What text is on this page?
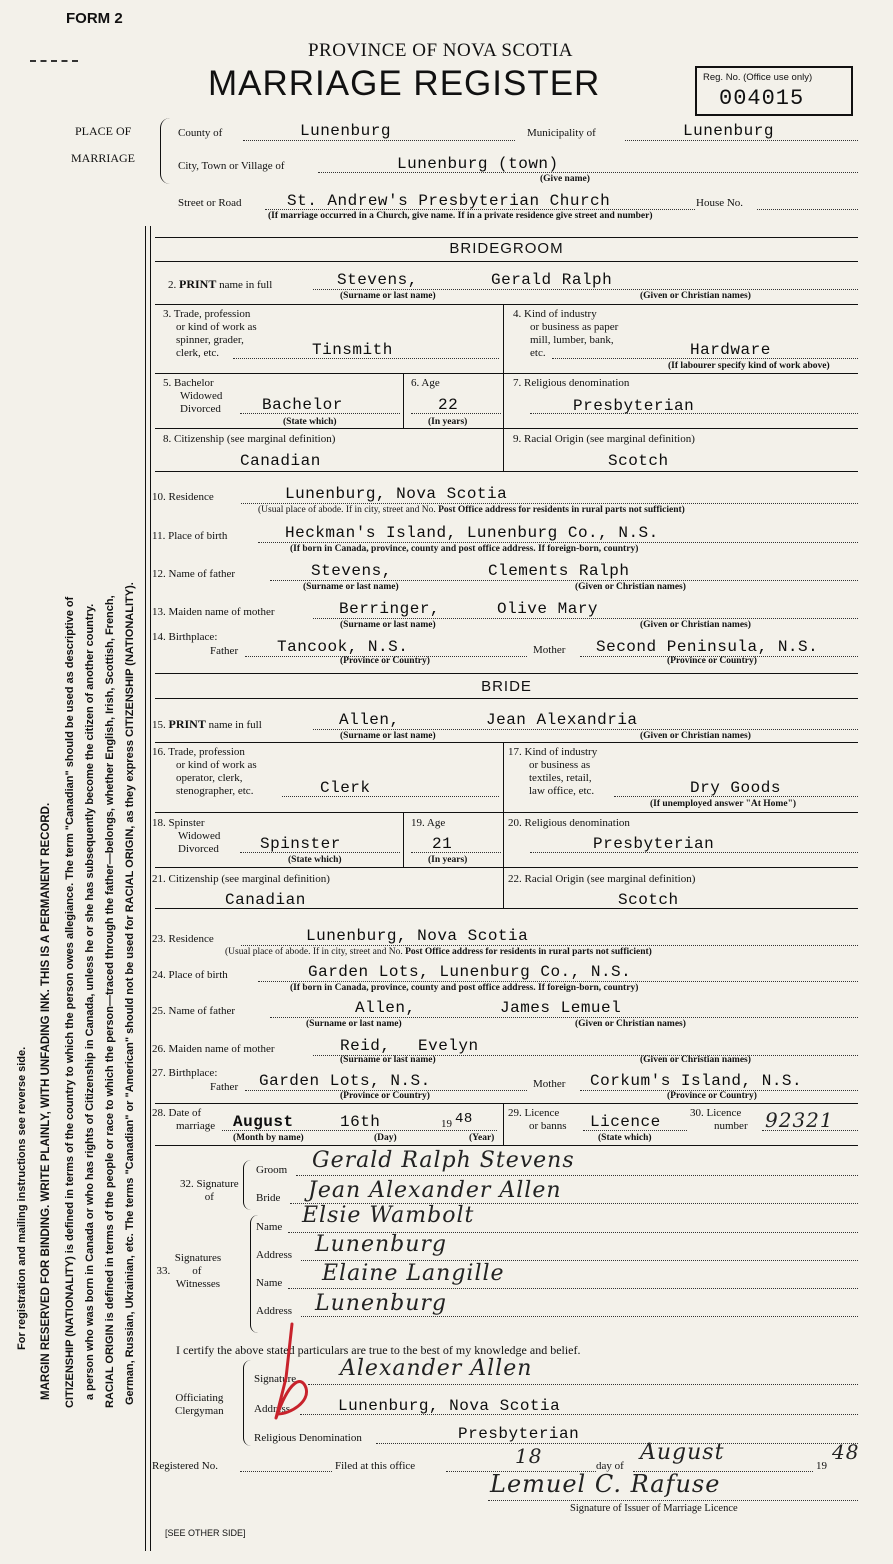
FORM 2
PROVINCE OF NOVA SCOTIA
MARRIAGE REGISTER	Reg. No. (Office use only)
004015
PLACE OF
MARRIAGE
County of	Lunenburg	Municipality of	Lunenburg
City, Town or Village of	Lunenburg (town)
(Give name)
Street or Road	St. Andrew's Presbyterian Church	House No.
(If marriage occurred in a Church, give name. If in a private residence give street and number)
For registration and mailing instructions see reverse side. MARGIN RESERVED FOR BINDING. WRITE PLAINLY, WITH UNFADING INK. THIS IS A PERMANENT RECORD. CITIZENSHIP (NATIONALITY) is defined in terms of the country to which the person owes allegiance. The term "Canadian" should be used as descriptive of a person who was born in Canada or who has rights of Citizenship in Canada, unless he or she has subsequently become the citizen of another country. RACIAL ORIGIN is defined in terms of the people or race to which the person—traced through the father—belongs, whether English, Irish, Scottish, French, German, Russian, Ukrainian, etc. The terms "Canadian" or "American" should not be used for RACIAL ORIGIN, as they express CITIZENSHIP (NATIONALITY).
BRIDEGROOM
2. PRINT name in full	Stevens,	Gerald Ralph
(Surname or last name)	(Given or Christian names)
3. Trade, profession
or kind of work as
spinner, grader,
clerk, etc.	Tinsmith
4. Kind of industry
or business as paper
mill, lumber, bank,
etc.	Hardware
(If labourer specify kind of work above)
5. Bachelor
Widowed
Divorced	Bachelor
(State which)
6. Age
22
(In years)
7. Religious denomination
Presbyterian
8. Citizenship (see marginal definition)
Canadian
9. Racial Origin (see marginal definition)
Scotch
10. Residence	Lunenburg, Nova Scotia
(Usual place of abode. If in city, street and No. Post Office address for residents in rural parts not sufficient)
11. Place of birth	Heckman's Island, Lunenburg Co., N.S.
(If born in Canada, province, county and post office address. If foreign-born, country)
12. Name of father	Stevens,	Clements Ralph
(Surname or last name)	(Given or Christian names)
13. Maiden name of mother	Berringer,	Olive Mary
(Surname or last name)	(Given or Christian names)
14. Birthplace:
Father Tancook, N.S.	Mother Second Peninsula, N.S.
(Province or Country)	(Province or Country)
BRIDE
15. PRINT name in full	Allen,	Jean Alexandria
(Surname or last name)	(Given or Christian names)
16. Trade, profession
or kind of work as
operator, clerk,
stenographer, etc.	Clerk
17. Kind of industry
or business as
textiles, retail,
law office, etc.	Dry Goods
(If unemployed answer "At Home")
18. Spinster
Widowed
Divorced	Spinster
(State which)
19. Age
21
(In years)
20. Religious denomination
Presbyterian
21. Citizenship (see marginal definition)
Canadian
22. Racial Origin (see marginal definition)
Scotch
23. Residence	Lunenburg, Nova Scotia
(Usual place of abode. If in city, street and No. Post Office address for residents in rural parts not sufficient)
24. Place of birth	Garden Lots, Lunenburg Co., N.S.
(If born in Canada, province, county and post office address. If foreign-born, country)
25. Name of father	Allen,	James Lemuel
(Surname or last name)	(Given or Christian names)
26. Maiden name of mother	Reid, Evelyn
(Surname or last name)	(Given or Christian names)
27. Birthplace:
Father Garden Lots, N.S.	Mother Corkum's Island, N.S.
(Province or Country)	(Province or Country)
28. Date of
marriage August	16th	19 48
(Month by name)	(Day)	(Year)
29. Licence
or banns Licence
(State which)
30. Licence
number 92321
32. Signature
of
Groom Gerald Ralph Stevens
Bride Jean Alexander Allen
Signatures
33. of
Witnesses
Name Elsie Wambolt
Address Lunenburg
Name Elaine Langille
Address Lunenburg
I certify the above stated particulars are true to the best of my knowledge and belief.
Officiating
Clergyman
Signature Alexander Allen
Address	Lunenburg, Nova Scotia
Religious Denomination	Presbyterian
Registered No.	Filed at this office	18	day of
August
19
48
Lemuel C. Rafuse
Signature of Issuer of Marriage Licence
[SEE OTHER SIDE]
